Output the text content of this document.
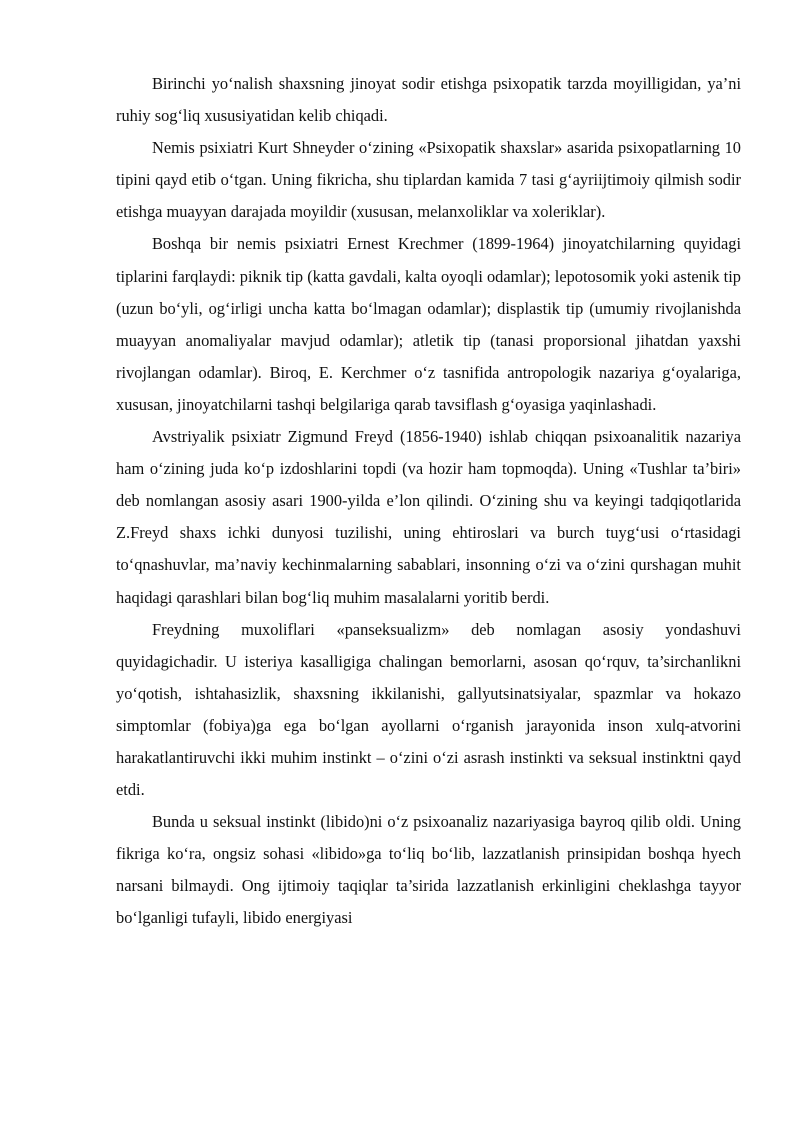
Birinchi yo‘nalish shaxsning jinoyat sodir etishga psixopatik tarzda moyilligidan, ya’ni ruhiy sog‘liq xususiyatidan kelib chiqadi.

Nemis psixiatri Kurt Shneyder o‘zining «Psixopatik shaxslar» asarida psixopatlarning 10 tipini qayd etib o‘tgan. Uning fikricha, shu tiplardan kamida 7 tasi g‘ayriijtimoiy qilmish sodir etishga muayyan darajada moyildir (xususan, melanxoliklar va xoleriklar).

Boshqa bir nemis psixiatri Ernest Krechmer (1899-1964) jinoyatchilarning quyidagi tiplarini farqlaydi: piknik tip (katta gavdali, kalta oyoqli odamlar); lepotosomik yoki astenik tip (uzun bo‘yli, og‘irligi uncha katta bo‘lmagan odamlar); displastik tip (umumiy rivojlanishda muayyan anomaliyalar mavjud odamlar); atletik tip (tanasi proporsional jihatdan yaxshi rivojlangan odamlar). Biroq, E. Kerchmer o‘z tasnifida antropologik nazariya g‘oyalariga, xususan, jinoyatchilarni tashqi belgilariga qarab tavsiflash g‘oyasiga yaqinlashadi.

Avstriyalik psixiatr Zigmund Freyd (1856-1940) ishlab chiqqan psixoanalitik nazariya ham o‘zining juda ko‘p izdoshlarini topdi (va hozir ham topmoqda). Uning «Tushlar ta’biri» deb nomlangan asosiy asari 1900-yilda e’lon qilindi. O‘zining shu va keyingi tadqiqotlarida Z.Freyd shaxs ichki dunyosi tuzilishi, uning ehtiroslari va burch tuyg‘usi o‘rtasidagi to‘qnashuvlar, ma’naviy kechinmalarning sabablari, insonning o‘zi va o‘zini qurshagan muhit haqidagi qarashlari bilan bog‘liq muhim masalalarni yoritib berdi.

Freydning muxoliflari «panseksualizm» deb nomlagan asosiy yondashuvi quyidagichadir. U isteriya kasalligiga chalingan bemorlarni, asosan qo‘rquv, ta’sirchanlikni yo‘qotish, ishtahasizlik, shaxsning ikkilanishi, gallyutsinatsiyalar, spazmlar va hokazo simptomlar (fobiya)ga ega bo‘lgan ayollarni o‘rganish jarayonida inson xulq-atvorini harakatlantiruvchi ikki muhim instinkt – o‘zini o‘zi asrash instinkti va seksual instinktni qayd etdi.

Bunda u seksual instinkt (libido)ni o‘z psixoanaliz nazariyasiga bayroq qilib oldi. Uning fikriga ko‘ra, ongsiz sohasi «libido»ga to‘liq bo‘lib, lazzatlanish prinsipidan boshqa hyech narsani bilmaydi. Ong ijtimoiy taqiqlar ta’sirida lazzatlanish erkinligini cheklashga tayyor bo‘lganligi tufayli, libido energiyasi
